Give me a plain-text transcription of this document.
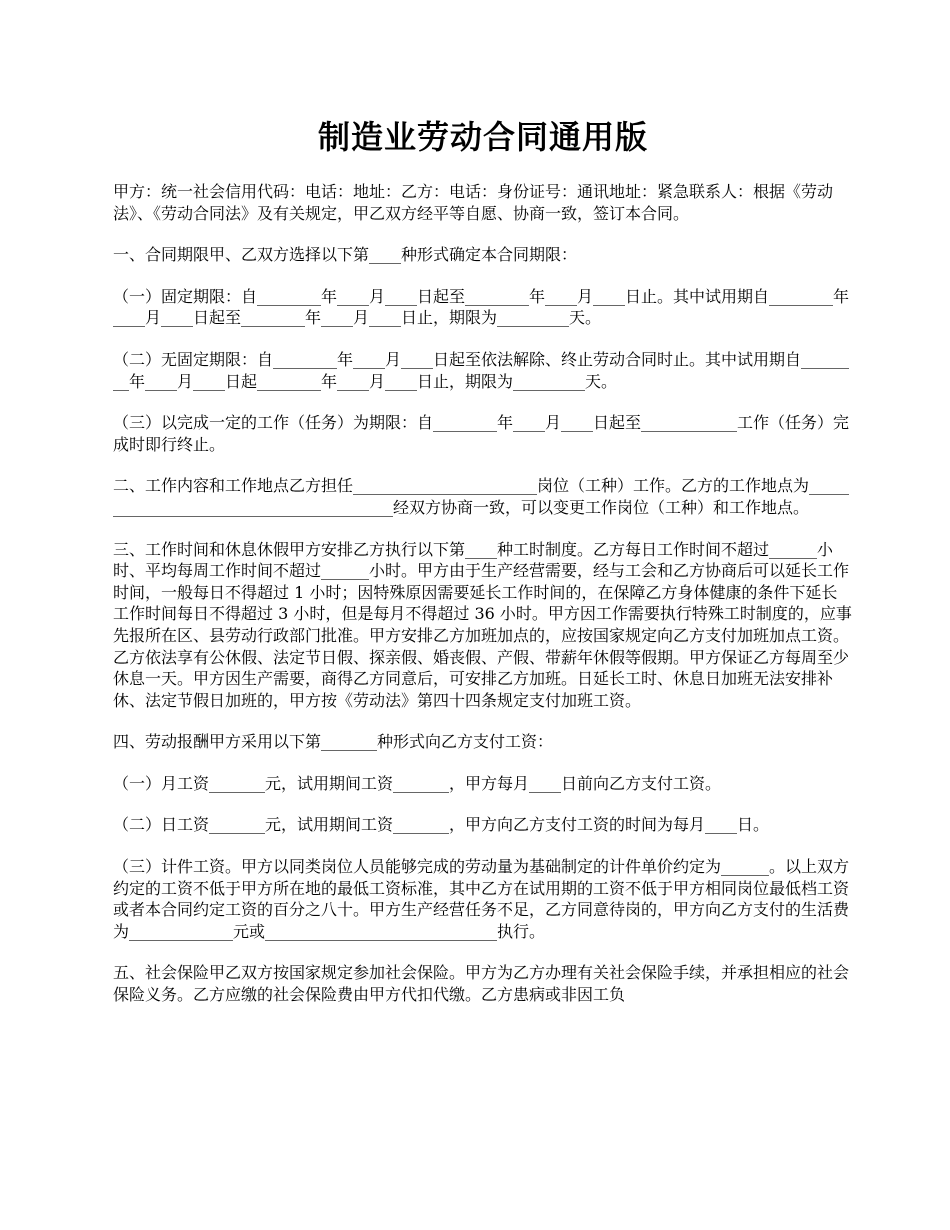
制造业劳动合同通用版

甲方：统一社会信用代码：电话：地址：乙方：电话：身份证号：通讯地址：紧急联系人：根据《劳动法》、《劳动合同法》及有关规定，甲乙双方经平等自愿、协商一致，签订本合同。

一、合同期限甲、乙双方选择以下第____种形式确定本合同期限：

（一）固定期限：自________年____月____日起至________年____月____日止。其中试用期自________年____月____日起至________年____月____日止，期限为_________天。

（二）无固定期限：自________年____月____日起至依法解除、终止劳动合同时止。其中试用期自________年____月____日起________年____月____日止，期限为_________天。

（三）以完成一定的工作（任务）为期限：自________年____月____日起至____________工作（任务）完成时即行终止。

二、工作内容和工作地点乙方担任_______________________岗位（工种）工作。乙方的工作地点为________________________________________经双方协商一致，可以变更工作岗位（工种）和工作地点。

三、工作时间和休息休假甲方安排乙方执行以下第____种工时制度。乙方每日工作时间不超过______小时、平均每周工作时间不超过______小时。甲方由于生产经营需要，经与工会和乙方协商后可以延长工作时间，一般每日不得超过 1 小时；因特殊原因需要延长工作时间的，在保障乙方身体健康的条件下延长工作时间每日不得超过 3 小时，但是每月不得超过 36 小时。甲方因工作需要执行特殊工时制度的，应事先报所在区、县劳动行政部门批准。甲方安排乙方加班加点的，应按国家规定向乙方支付加班加点工资。乙方依法享有公休假、法定节日假、探亲假、婚丧假、产假、带薪年休假等假期。甲方保证乙方每周至少休息一天。甲方因生产需要，商得乙方同意后，可安排乙方加班。日延长工时、休息日加班无法安排补休、法定节假日加班的，甲方按《劳动法》第四十四条规定支付加班工资。

四、劳动报酬甲方采用以下第_______种形式向乙方支付工资：

（一）月工资_______元，试用期间工资_______，甲方每月____日前向乙方支付工资。

（二）日工资_______元，试用期间工资_______，甲方向乙方支付工资的时间为每月____日。

（三）计件工资。甲方以同类岗位人员能够完成的劳动量为基础制定的计件单价约定为______。以上双方约定的工资不低于甲方所在地的最低工资标准，其中乙方在试用期的工资不低于甲方相同岗位最低档工资或者本合同约定工资的百分之八十。甲方生产经营任务不足，乙方同意待岗的，甲方向乙方支付的生活费为_____________元或_____________________________执行。

五、社会保险甲乙双方按国家规定参加社会保险。甲方为乙方办理有关社会保险手续，并承担相应的社会保险义务。乙方应缴的社会保险费由甲方代扣代缴。乙方患病或非因工负
